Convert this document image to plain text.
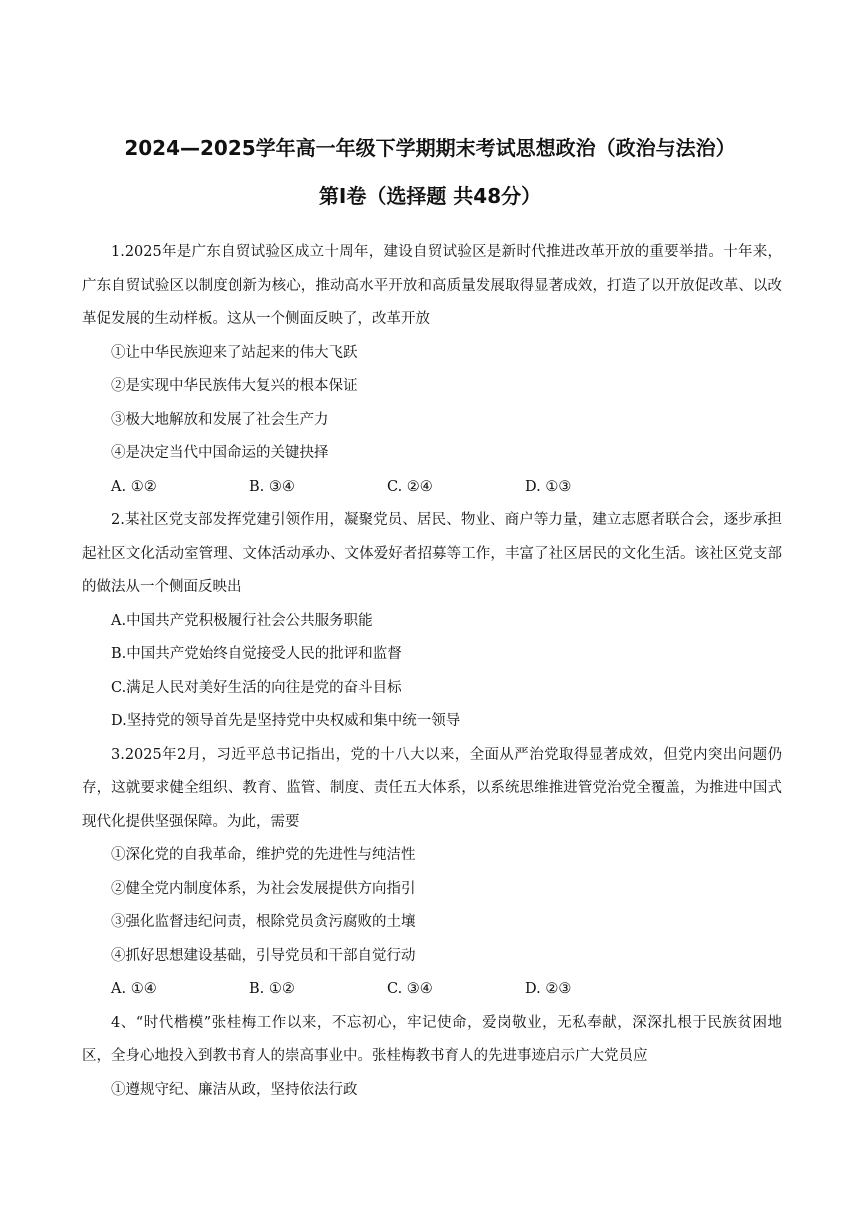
2024—2025学年高一年级下学期期末考试思想政治（政治与法治）
第Ⅰ卷（选择题 共48分）

1.2025年是广东自贸试验区成立十周年，建设自贸试验区是新时代推进改革开放的重要举措。十年来，广东自贸试验区以制度创新为核心，推动高水平开放和高质量发展取得显著成效，打造了以开放促改革、以改革促发展的生动样板。这从一个侧面反映了，改革开放

①让中华民族迎来了站起来的伟大飞跃

②是实现中华民族伟大复兴的根本保证

③极大地解放和发展了社会生产力

④是决定当代中国命运的关键抉择

A. ①②	B. ③④	C. ②④	D. ①③

2.某社区党支部发挥党建引领作用，凝聚党员、居民、物业、商户等力量，建立志愿者联合会，逐步承担起社区文化活动室管理、文体活动承办、文体爱好者招募等工作，丰富了社区居民的文化生活。该社区党支部的做法从一个侧面反映出

A.中国共产党积极履行社会公共服务职能

B.中国共产党始终自觉接受人民的批评和监督

C.满足人民对美好生活的向往是党的奋斗目标

D.坚持党的领导首先是坚持党中央权威和集中统一领导

3.2025年2月，习近平总书记指出，党的十八大以来，全面从严治党取得显著成效，但党内突出问题仍存，这就要求健全组织、教育、监管、制度、责任五大体系，以系统思维推进管党治党全覆盖，为推进中国式现代化提供坚强保障。为此，需要

①深化党的自我革命，维护党的先进性与纯洁性

②健全党内制度体系，为社会发展提供方向指引

③强化监督违纪问责，根除党员贪污腐败的土壤

④抓好思想建设基础，引导党员和干部自觉行动

A. ①④	B. ①②	C. ③④	D. ②③

4、“时代楷模”张桂梅工作以来，不忘初心，牢记使命，爱岗敬业，无私奉献，深深扎根于民族贫困地区，全身心地投入到教书育人的崇高事业中。张桂梅教书育人的先进事迹启示广大党员应

①遵规守纪、廉洁从政，坚持依法行政
